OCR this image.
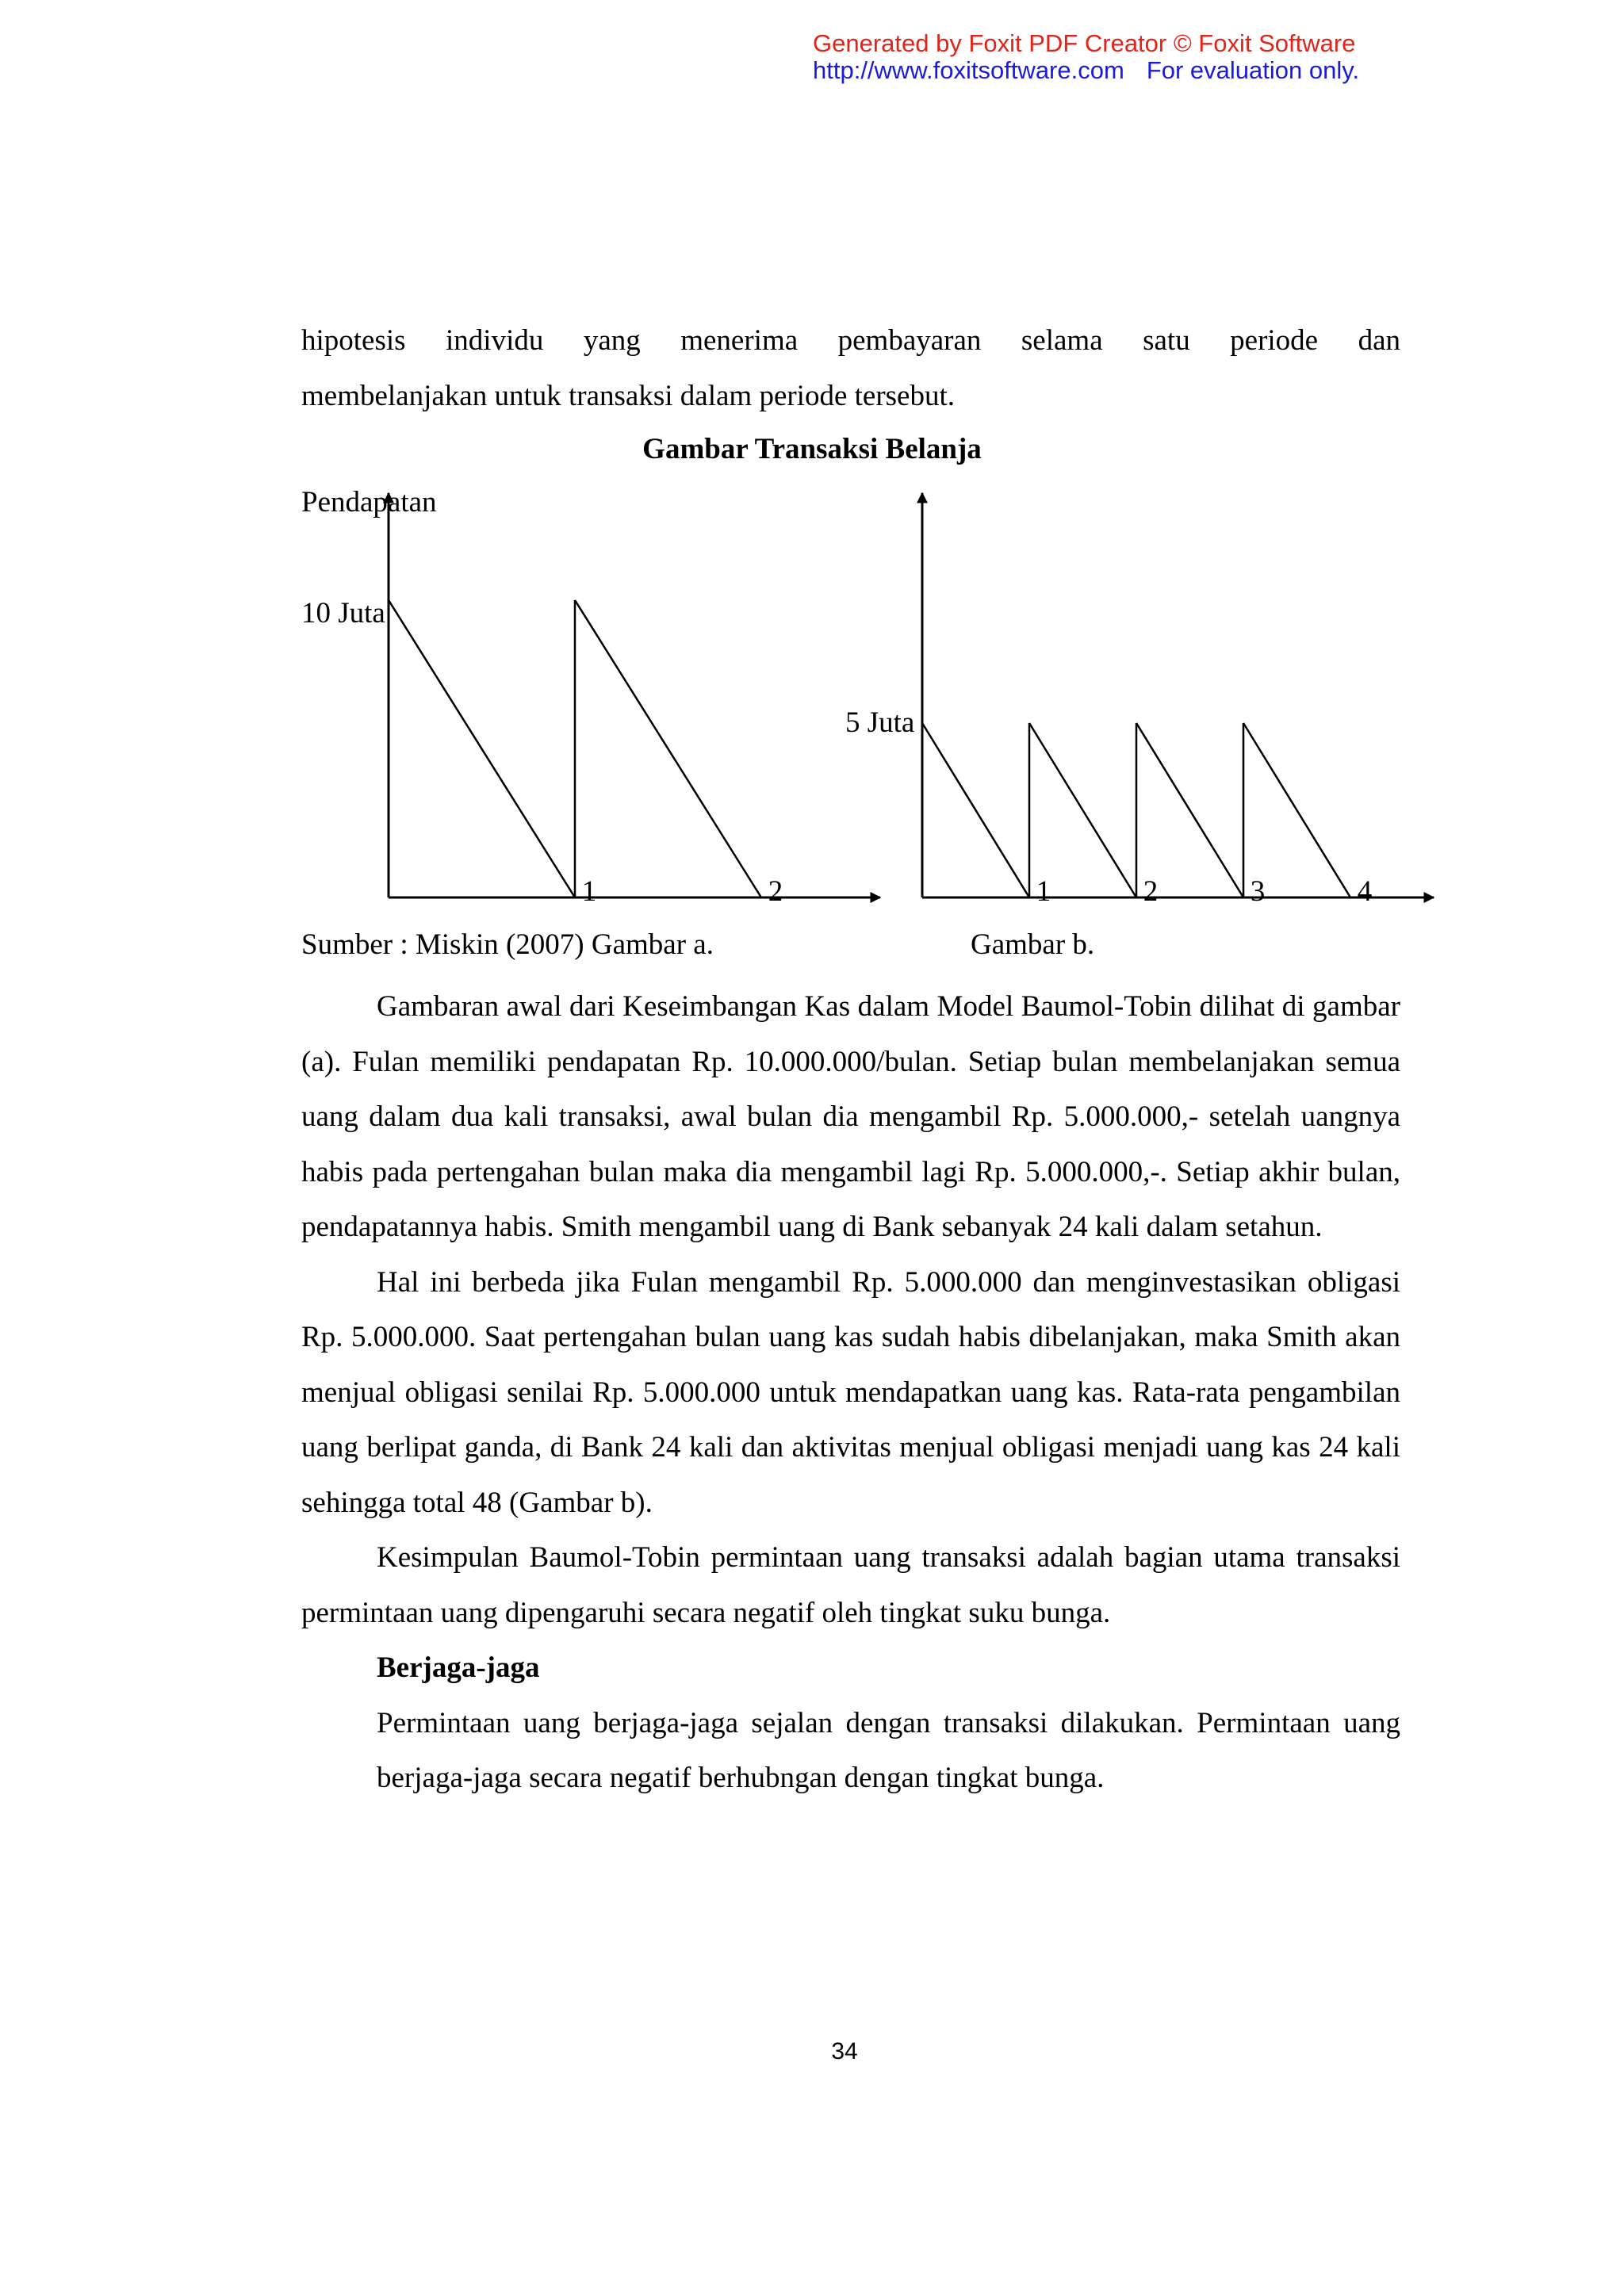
Generated by Foxit PDF Creator © Foxit Software
http://www.foxitsoftware.com For evaluation only.

hipotesis individu yang menerima pembayaran selama satu periode dan

membelanjakan untuk transaksi dalam periode tersebut.

Gambar Transaksi Belanja
Pendapatan
10 Juta
5 Juta
1	2	1	2	3	4
Sumber : Miskin (2007) Gambar a.	Gambar b.

Gambaran awal dari Keseimbangan Kas dalam Model Baumol-Tobin dilihat di gambar (a). Fulan memiliki pendapatan Rp. 10.000.000/bulan. Setiap bulan membelanjakan semua uang dalam dua kali transaksi, awal bulan dia mengambil Rp. 5.000.000,- setelah uangnya habis pada pertengahan bulan maka dia mengambil lagi Rp. 5.000.000,-. Setiap akhir bulan, pendapatannya habis. Smith mengambil uang di Bank sebanyak 24 kali dalam setahun.

Hal ini berbeda jika Fulan mengambil Rp. 5.000.000 dan menginvestasikan obligasi Rp. 5.000.000. Saat pertengahan bulan uang kas sudah habis dibelanjakan, maka Smith akan menjual obligasi senilai Rp. 5.000.000 untuk mendapatkan uang kas. Rata-rata pengambilan uang berlipat ganda, di Bank 24 kali dan aktivitas menjual obligasi menjadi uang kas 24 kali sehingga total 48 (Gambar b).

Kesimpulan Baumol-Tobin permintaan uang transaksi adalah bagian utama transaksi permintaan uang dipengaruhi secara negatif oleh tingkat suku bunga.

Berjaga-jaga

Permintaan uang berjaga-jaga sejalan dengan transaksi dilakukan. Permintaan uang berjaga-jaga secara negatif berhubngan dengan tingkat bunga.

34
